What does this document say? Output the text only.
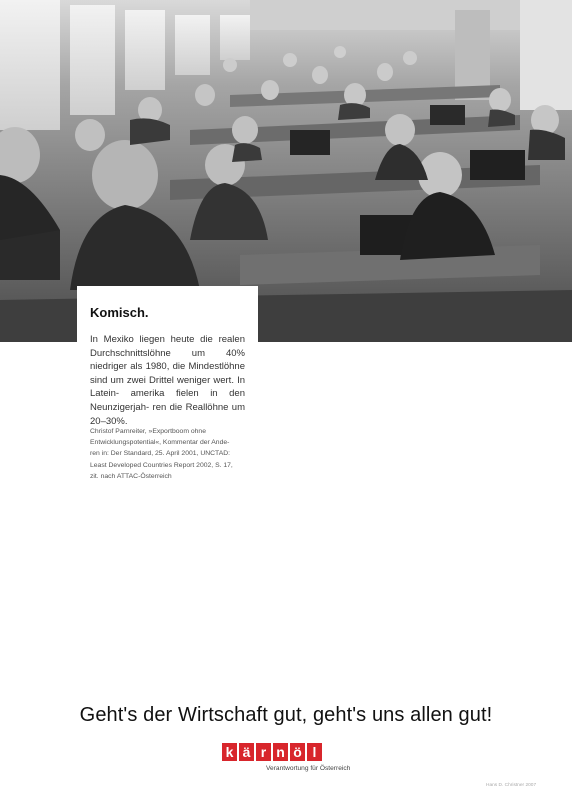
Komisch.

In Mexiko liegen heute die realen Durchschnittslöhne um 40% niedriger als 1980, die Mindestlöhne sind um zwei Drittel weniger wert. In Latein- amerika fielen in den Neunzigerjah- ren die Reallöhne um 20–30%.

Christof Parnreiter, »Exportboom ohne
Entwicklungspotential«, Kommentar der Ande-
ren in: Der Standard, 25. April 2001, UNCTAD:
Least Developed Countries Report 2002, S. 17,
zit. nach ATTAC-Österreich

Geht's der Wirtschaft gut, geht's uns allen gut!

k ä r n ö l

Verantwortung für Österreich

Hans D. Christner 2007
